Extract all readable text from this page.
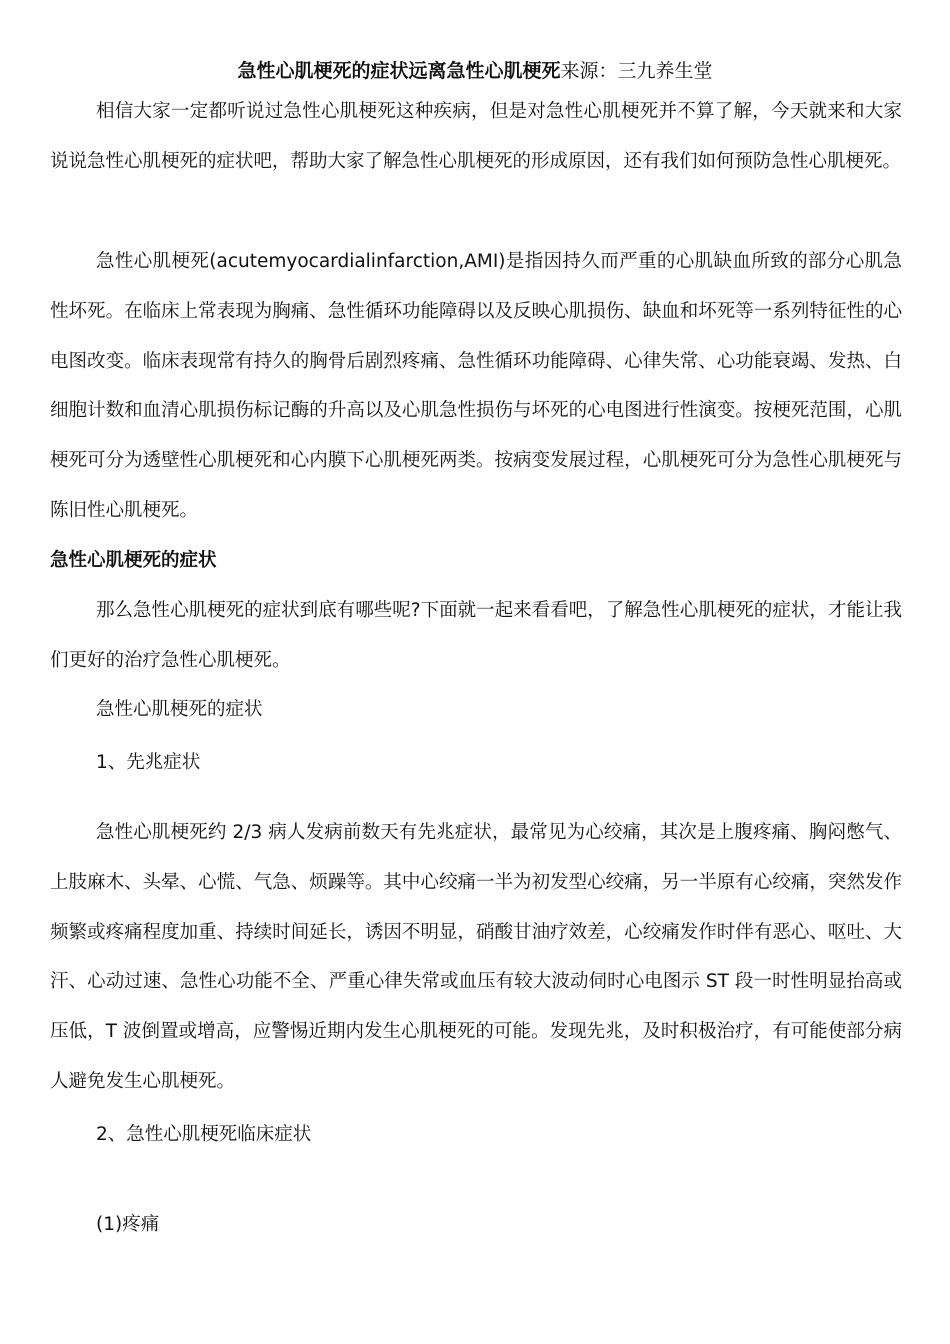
急性心肌梗死的症状远离急性心肌梗死来源：三九养生堂

相信大家一定都听说过急性心肌梗死这种疾病，但是对急性心肌梗死并不算了解，今天就来和大家说说急性心肌梗死的症状吧，帮助大家了解急性心肌梗死的形成原因，还有我们如何预防急性心肌梗死。

急性心肌梗死(acutemyocardialinfarction,AMI)是指因持久而严重的心肌缺血所致的部分心肌急性坏死。在临床上常表现为胸痛、急性循环功能障碍以及反映心肌损伤、缺血和坏死等一系列特征性的心电图改变。临床表现常有持久的胸骨后剧烈疼痛、急性循环功能障碍、心律失常、心功能衰竭、发热、白细胞计数和血清心肌损伤标记酶的升高以及心肌急性损伤与坏死的心电图进行性演变。按梗死范围，心肌梗死可分为透壁性心肌梗死和心内膜下心肌梗死两类。按病变发展过程，心肌梗死可分为急性心肌梗死与陈旧性心肌梗死。

急性心肌梗死的症状

那么急性心肌梗死的症状到底有哪些呢?下面就一起来看看吧，了解急性心肌梗死的症状，才能让我们更好的治疗急性心肌梗死。

急性心肌梗死的症状

1、先兆症状

急性心肌梗死约 2/3 病人发病前数天有先兆症状，最常见为心绞痛，其次是上腹疼痛、胸闷憋气、上肢麻木、头晕、心慌、气急、烦躁等。其中心绞痛一半为初发型心绞痛，另一半原有心绞痛，突然发作频繁或疼痛程度加重、持续时间延长，诱因不明显，硝酸甘油疗效差，心绞痛发作时伴有恶心、呕吐、大汗、心动过速、急性心功能不全、严重心律失常或血压有较大波动伺时心电图示 ST 段一时性明显抬高或压低，T 波倒置或增高，应警惕近期内发生心肌梗死的可能。发现先兆，及时积极治疗，有可能使部分病人避免发生心肌梗死。

2、急性心肌梗死临床症状

(1)疼痛
